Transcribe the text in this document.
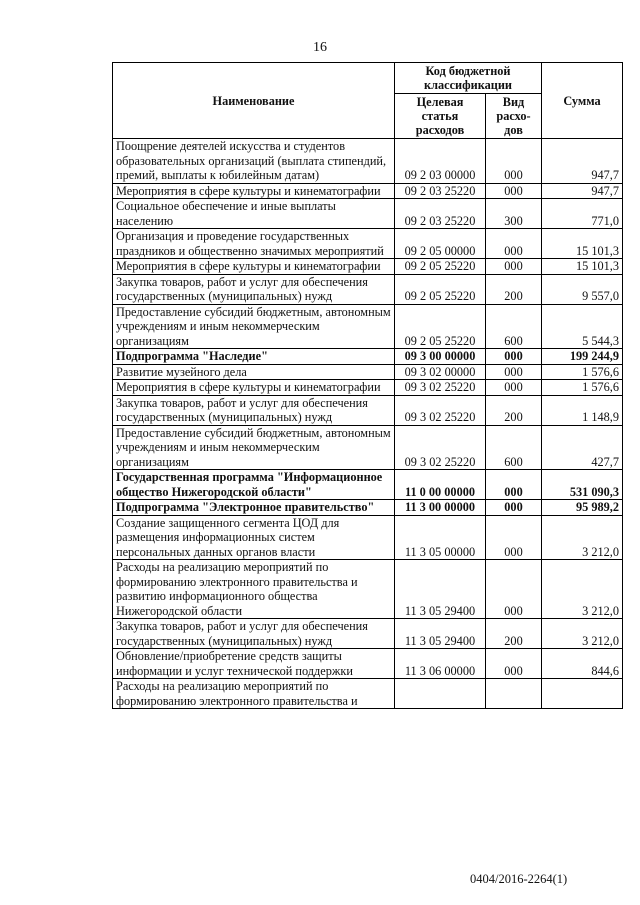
16
Наименование	Код бюджетной классификации		Сумма
	Целевая статья расходов	Вид расхо-дов	
Поощрение деятелей искусства и студентов образовательных организаций (выплата стипендий, премий, выплаты к юбилейным датам)	09 2 03 00000	000	947,7
Мероприятия в сфере культуры и кинематографии	09 2 03 25220	000	947,7
Социальное обеспечение и иные выплаты населению	09 2 03 25220	300	771,0
Организация и проведение государственных праздников и общественно значимых мероприятий	09 2 05 00000	000	15 101,3
Мероприятия в сфере культуры и кинематографии	09 2 05 25220	000	15 101,3
Закупка товаров, работ и услуг для обеспечения государственных (муниципальных) нужд	09 2 05 25220	200	9 557,0
Предоставление субсидий бюджетным, автономным учреждениям и иным некоммерческим организациям	09 2 05 25220	600	5 544,3
Подпрограмма "Наследие"	09 3 00 00000	000	199 244,9
Развитие музейного дела	09 3 02 00000	000	1 576,6
Мероприятия в сфере культуры и кинематографии	09 3 02 25220	000	1 576,6
Закупка товаров, работ и услуг для обеспечения государственных (муниципальных) нужд	09 3 02 25220	200	1 148,9
Предоставление субсидий бюджетным, автономным учреждениям и иным некоммерческим организациям	09 3 02 25220	600	427,7
Государственная программа "Информационное общество Нижегородской области"	11 0 00 00000	000	531 090,3
Подпрограмма "Электронное правительство"	11 3 00 00000	000	95 989,2
Создание защищенного сегмента ЦОД для размещения информационных систем персональных данных органов власти	11 3 05 00000	000	3 212,0
Расходы на реализацию мероприятий по формированию электронного правительства и развитию информационного общества Нижегородской области	11 3 05 29400	000	3 212,0
Закупка товаров, работ и услуг для обеспечения государственных (муниципальных) нужд	11 3 05 29400	200	3 212,0
Обновление/приобретение средств защиты информации и услуг технической поддержки	11 3 06 00000	000	844,6
Расходы на реализацию мероприятий по формированию электронного правительства и			
0404/2016-2264(1)
